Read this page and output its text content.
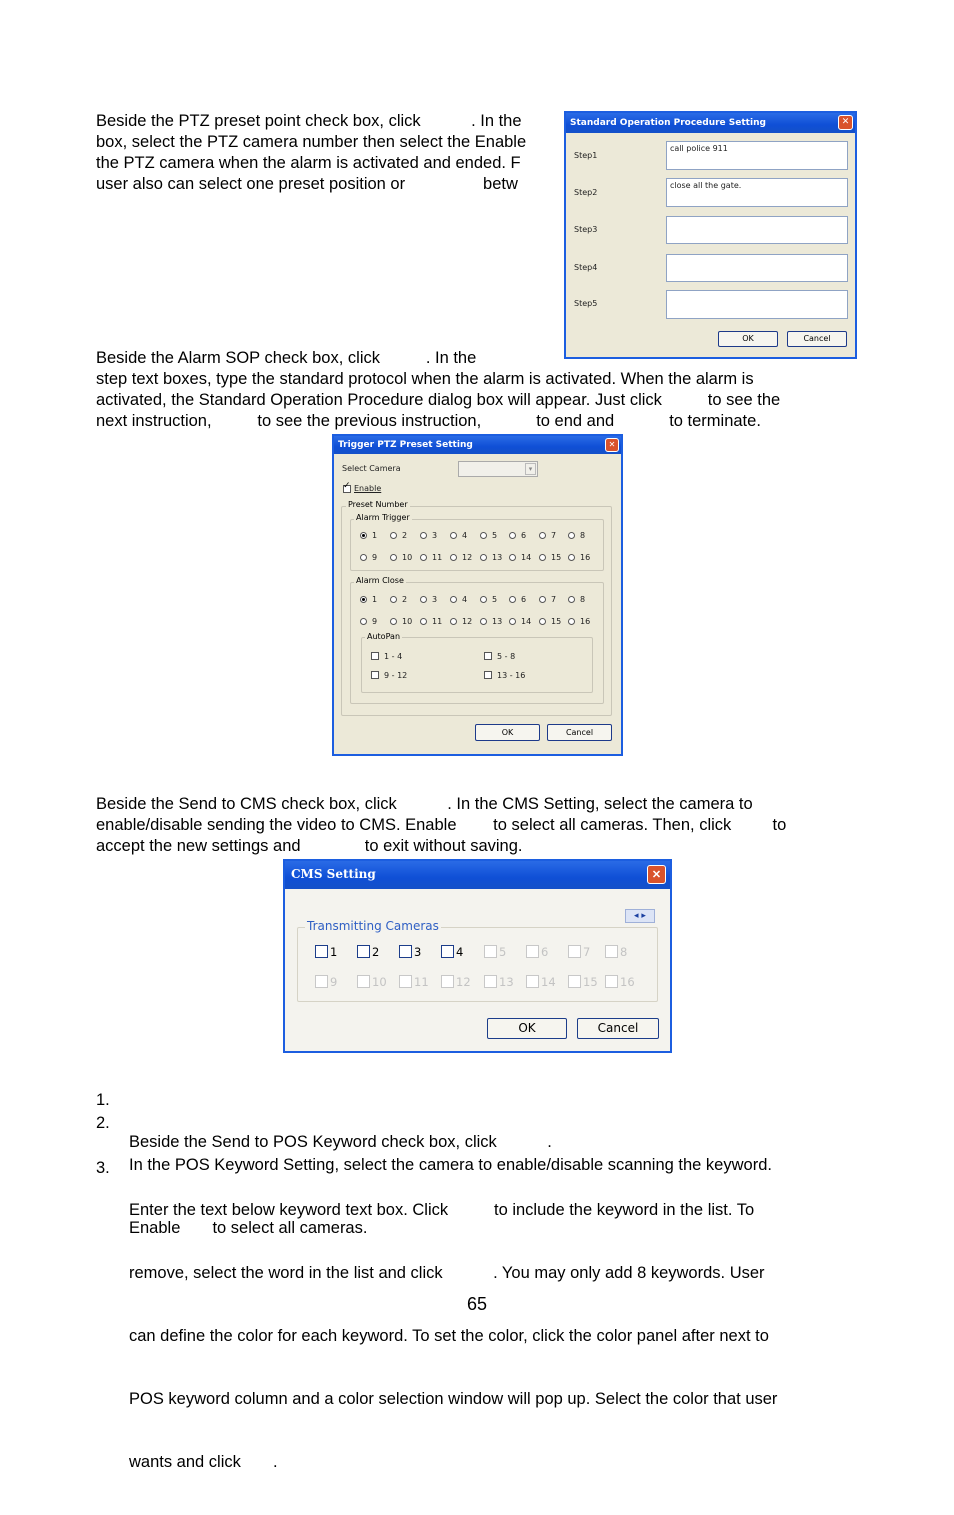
Beside the PTZ preset point check box, click           . In the
box, select the PTZ camera number then select the Enable
the PTZ camera when the alarm is activated and ended. F
user also can select one preset position or                 betw
Standard Operation Procedure Setting	✕
Step1
call police 911
Step2
close all the gate.
Step3
Step4
Step5
OK	Cancel
Beside the Alarm SOP check box, click          . In the
step text boxes, type the standard protocol when the alarm is activated. When the alarm is
activated, the Standard Operation Procedure dialog box will appear. Just click          to see the
next instruction,          to see the previous instruction,            to end and            to terminate.
Trigger PTZ Preset Setting	✕
Select Camera	▾
✓
Enable
Preset Number
Alarm Trigger
1	2	3	4	5	6	7	8
9	10 11 12 13 14 15 16
Alarm Close
1	2	3	4	5	6	7	8
9	10 11 12 13 14 15 16
AutoPan
1 - 4	5 - 8
9 - 12	13 - 16
OK	Cancel
Beside the Send to CMS check box, click           . In the CMS Setting, select the camera to
enable/disable sending the video to CMS. Enable        to select all cameras. Then, click         to
accept the new settings and              to exit without saving.
CMS Setting	✕
◂ ▸
Transmitting Cameras
1	2	3	4	5	6	7	8
9	10 11 12 13 14 15 16
OK	Cancel
1.

Beside the Send to POS Keyword check box, click           .

2.

In the POS Keyword Setting, select the camera to enable/disable scanning the keyword.

Enable       to select all cameras.

3.

Enter the text below keyword text box. Click          to include the keyword in the list. To

remove, select the word in the list and click           . You may only add 8 keywords. User

can define the color for each keyword. To set the color, click the color panel after next to

POS keyword column and a color selection window will pop up. Select the color that user

wants and click       .

65
